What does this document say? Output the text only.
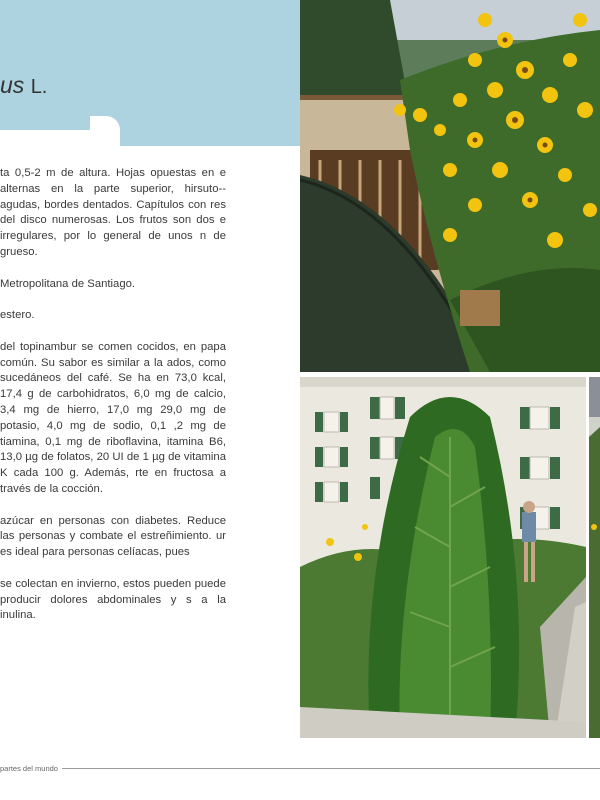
us L.

ta 0,5-2 m de altura. Hojas opuestas en e alternas en la parte superior, hirsuto--agudas, bordes dentados. Capítulos con res del disco numerosas. Los frutos son dos e irregulares, por lo general de unos n de grueso.

Metropolitana de Santiago.

estero.

del topinambur se comen cocidos, en papa común. Su sabor es similar a la ados, como sucedáneos del café. Se ha en 73,0 kcal, 17,4 g de carbohidratos, 6,0 mg de calcio, 3,4 mg de hierro, 17,0 mg 29,0 mg de potasio, 4,0 mg de sodio, 0,1 ,2 mg de tiamina, 0,1 mg de riboflavina, itamina B6, 13,0 µg de folatos, 20 UI de 1 µg de vitamina K cada 100 g. Además, rte en fructosa a través de la cocción.

azúcar en personas con diabetes. Reduce las personas y combate el estreñimiento. ur es ideal para personas celíacas, pues

se colectan en invierno, estos pueden puede producir dolores abdominales y s a la inulina.

partes del mundo
